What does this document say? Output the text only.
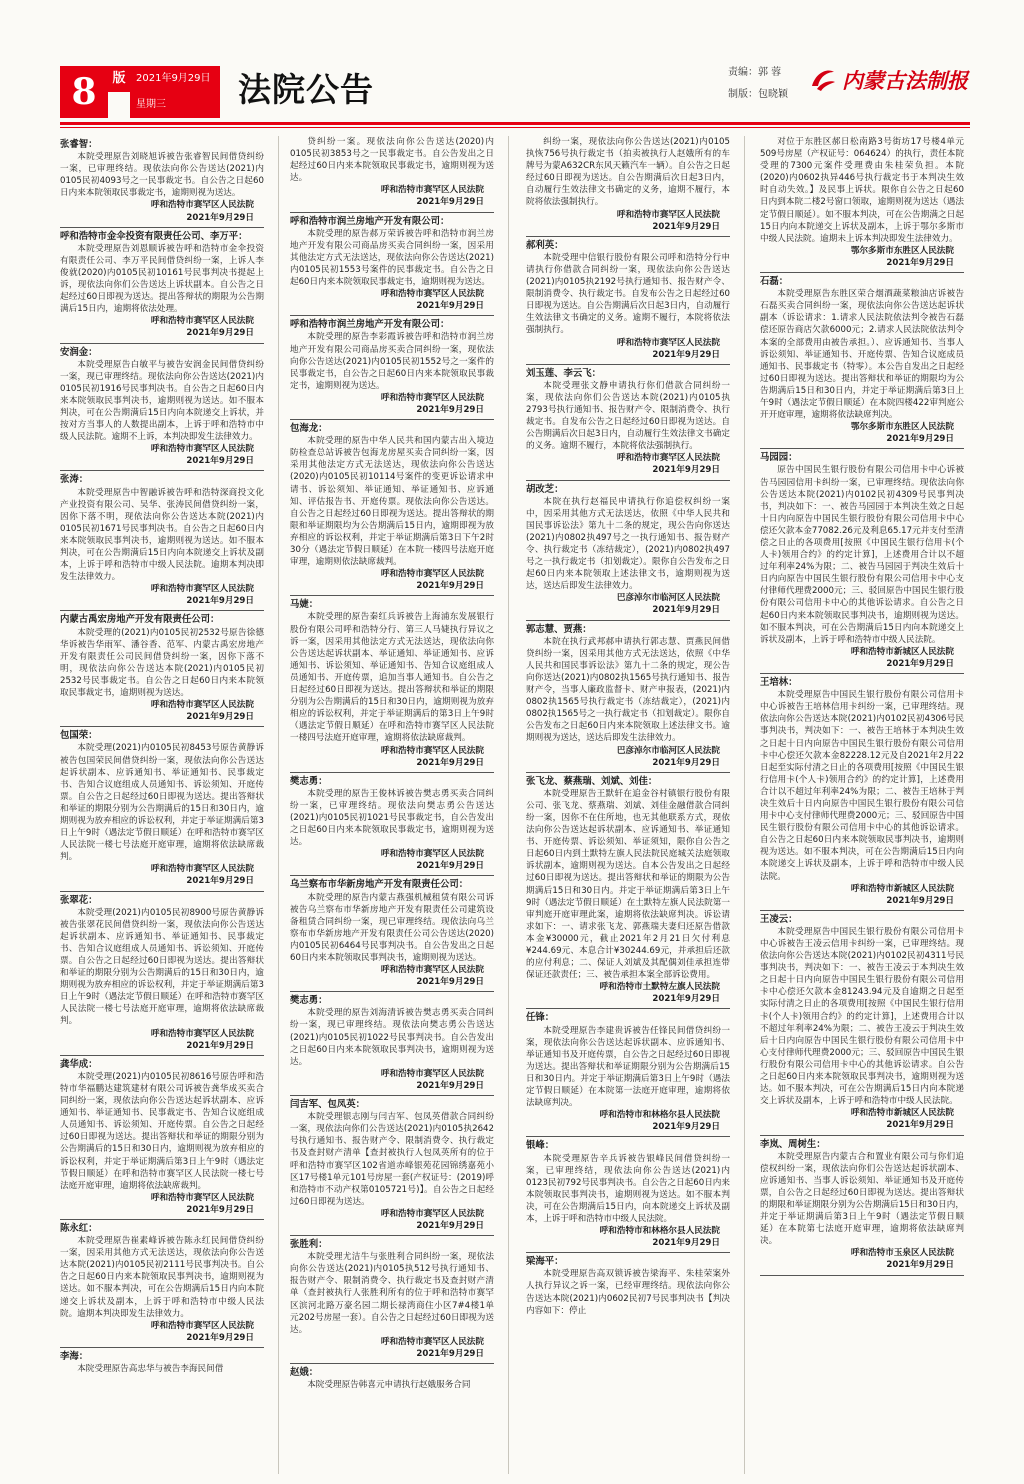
8	版	2021年9月29日
星期三	法院公告	责编：郭 蓉
制版：包晓颖
内蒙古法制报
张睿智：
本院受理原告刘晓旭诉被告张睿智民间借贷纠纷一案，已审理终结。现依法向你公告送达(2021)内0105民初4093号之一民事裁定书。自公告之日起60日内来本院领取民事裁定书，逾期则视为送达。
呼和浩特市赛罕区人民法院
2021年9月29日
呼和浩特市金伞投资有限责任公司、李万平：
本院受理原告刘恩顺诉被告呼和浩特市金伞投资有限责任公司、李万平民间借贷纠纷一案，上诉人李俊就(2020)内0105民初10161号民事判决书提起上诉，现依法向你们公告送达上诉状副本。自公告之日起经过60日即视为送达。提出答辩状的期限为公告期满后15日内，逾期将依法处理。
呼和浩特市赛罕区人民法院
2021年9月29日
安润金：
本院受理原告白敏平与被告安润金民间借贷纠纷一案，现已审理终结。现依法向你公告送达(2021)内0105民初1916号民事判决书。自公告之日起60日内来本院领取民事判决书，逾期则视为送达。如不服本判决，可在公告期满后15日内向本院递交上诉状，并按对方当事人的人数提出副本，上诉于呼和浩特市中级人民法院。逾期不上诉，本判决即发生法律效力。
呼和浩特市赛罕区人民法院
2021年9月29日
张涛：
本院受理原告中智融诉被告呼和浩特深商投文化产业投资有限公司、吴华、张涛民间借贷纠纷一案，因你下落不明，现依法向你公告送达本院(2021)内0105民初1671号民事判决书。自公告之日起60日内来本院领取民事判决书，逾期则视为送达。如不服本判决，可在公告期满后15日内向本院递交上诉状及副本，上诉于呼和浩特市中级人民法院。逾期本判决即发生法律效力。
呼和浩特市赛罕区人民法院
2021年9月29日
内蒙古禹宏房地产开发有限责任公司：
本院受理的(2021)内0105民初2532号原告徐德华诉被告华雨军、潘谷香、范军、内蒙古禹宏房地产开发有限责任公司民间借贷纠纷一案，因你下落不明，现依法向你公告送达本院(2021)内0105民初2532号民事裁定书。自公告之日起60日内来本院领取民事裁定书，逾期则视为送达。
呼和浩特市赛罕区人民法院
2021年9月29日
包国荣：
本院受理(2021)内0105民初8453号原告黄静诉被告包国荣民间借贷纠纷一案，现依法向你公告送达起诉状副本、应诉通知书、举证通知书、民事裁定书、告知合议庭组成人员通知书、诉讼须知、开庭传票。自公告之日起经过60日即视为送达。提出答辩状和举证的期限分别为公告期满后的15日和30日内，逾期则视为放弃相应的诉讼权利，并定于举证期满后第3日上午9时（遇法定节假日顺延）在呼和浩特市赛罕区人民法院一楼七号法庭开庭审理，逾期将依法缺席裁判。
呼和浩特市赛罕区人民法院
2021年9月29日
张翠花：
本院受理(2021)内0105民初8900号原告黄静诉被告张翠花民间借贷纠纷一案，现依法向你公告送达起诉状副本、应诉通知书、举证通知书、民事裁定书、告知合议庭组成人员通知书、诉讼须知、开庭传票。自公告之日起经过60日即视为送达。提出答辩状和举证的期限分别为公告期满后的15日和30日内，逾期则视为放弃相应的诉讼权利，并定于举证期满后第3日上午9时（遇法定节假日顺延）在呼和浩特市赛罕区人民法院一楼七号法庭开庭审理，逾期将依法缺席裁判。
呼和浩特市赛罕区人民法院
2021年9月29日
龚华成：
本院受理(2021)内0105民初8616号原告呼和浩特市华福鹏达建筑建材有限公司诉被告龚华成买卖合同纠纷一案，现依法向你公告送达起诉状副本、应诉通知书、举证通知书、民事裁定书、告知合议庭组成人员通知书、诉讼须知、开庭传票。自公告之日起经过60日即视为送达。提出答辩状和举证的期限分别为公告期满后的15日和30日内，逾期则视为放弃相应的诉讼权利，并定于举证期满后第3日上午9时（遇法定节假日顺延）在呼和浩特市赛罕区人民法院一楼七号法庭开庭审理，逾期将依法缺席裁判。
呼和浩特市赛罕区人民法院
2021年9月29日
陈永红：
本院受理原告崔素峰诉被告陈永红民间借贷纠纷一案，因采用其他方式无法送达，现依法向你公告送达本院(2021)内0105民初2111号民事判决书。自公告之日起60日内来本院领取民事判决书，逾期则视为送达。如不服本判决，可在公告期满后15日内向本院递交上诉状及副本，上诉于呼和浩特市中级人民法院。逾期本判决即发生法律效力。
呼和浩特市赛罕区人民法院
2021年9月29日
李海：
本院受理原告高忠华与被告李海民间借
贷纠纷一案。现依法向你公告送达(2020)内0105民初3853号之一民事裁定书。自公告发出之日起经过60日内来本院领取民事裁定书，逾期则视为送达。
呼和浩特市赛罕区人民法院
2021年9月29日
呼和浩特市润兰房地产开发有限公司：
本院受理的原告郝万荣诉被告呼和浩特市润兰房地产开发有限公司商品房买卖合同纠纷一案，因采用其他法定方式无法送达，现依法向你公告送达(2021)内0105民初1553号案件的民事裁定书。自公告之日起60日内来本院领取民事裁定书，逾期则视为送达。
呼和浩特市赛罕区人民法院
2021年9月29日
呼和浩特市润兰房地产开发有限公司：
本院受理的原告李彩霞诉被告呼和浩特市润兰房地产开发有限公司商品房买卖合同纠纷一案，现依法向你公告送达(2021)内0105民初1552号之一案件的民事裁定书，自公告之日起60日内来本院领取民事裁定书，逾期则视为送达。
呼和浩特市赛罕区人民法院
2021年9月29日
包海龙：
本院受理的原告中华人民共和国内蒙古出入境边防检查总站诉被告包海龙房屋买卖合同纠纷一案，因采用其他法定方式无法送达，现依法向你公告送达(2020)内0105民初10114号案件的变更诉讼请求申请书、诉讼须知、举证通知、举证通知书、应诉通知、评估报告书、开庭传票。现依法向你公告送达。自公告之日起经过60日即视为送达。提出答辩状的期限和举证期限均为公告期满后15日内，逾期即视为放弃相应的诉讼权利，并定于举证期满后第3日下午2时30分（遇法定节假日顺延）在本院一楼四号法庭开庭审理，逾期则依法缺席裁判。
呼和浩特市赛罕区人民法院
2021年9月29日
马婕：
本院受理的原告秦红兵诉被告上海浦东发展银行股份有限公司呼和浩特分行、第三人马婕执行异议之诉一案，因采用其他法定方式无法送达，现依法向你公告送达起诉状副本、举证通知、举证通知书、应诉通知书、诉讼须知、举证通知书、告知合议庭组成人员通知书、开庭传票，追加当事人通知书。自公告之日起经过60日即视为送达。提出答辩状和举证的期限分别为公告期满后的15日和30日内，逾期则视为放弃相应的诉讼权利，并定于举证期满后的第3日上午9时（遇法定节假日顺延）在呼和浩特市赛罕区人民法院一楼四号法庭开庭审理，逾期将依法缺席裁判。
呼和浩特市赛罕区人民法院
2021年9月29日
樊志勇：
本院受理的原告王俊林诉被告樊志勇买卖合同纠纷一案，已审理终结。现依法向樊志勇公告送达(2021)内0105民初1021号民事裁定书，自公告发出之日起60日内来本院领取民事裁定书，逾期则视为送达。
呼和浩特市赛罕区人民法院
2021年9月29日
乌兰察布市华新房地产开发有限责任公司：
本院受理的原告内蒙古燕强机械租赁有限公司诉被告乌兰察布市华新房地产开发有限责任公司建筑设备租赁合同纠纷一案，现已审理终结。现依法向乌兰察布市华新房地产开发有限责任公司公告送达(2020)内0105民初6464号民事判决书。自公告发出之日起60日内来本院领取民事判决书，逾期则视为送达。
呼和浩特市赛罕区人民法院
2021年9月29日
樊志勇：
本院受理的原告刘海清诉被告樊志勇买卖合同纠纷一案，现已审理终结。现依法向樊志勇公告送达(2021)内0105民初1022号民事判决书。自公告发出之日起60日内来本院领取民事判决书，逾期则视为送达。
呼和浩特市赛罕区人民法院
2021年9月29日
闫吉军、包凤英：
本院受理银志刚与闫吉军、包凤英借款合同纠纷一案，现依法向你们公告送达(2021)内0105执2642号执行通知书、报告财产令、限制消费令、执行裁定书及查封财产清单【查封被执行人包凤英所有的位于呼和浩特市赛罕区102省道赤峰银苑花园锦绣嘉苑小区17号楼1单元101号房屋一套(产权证号：(2019)呼和浩特市不动产权第0105721号)】。自公告之日起经过60日即视为送达。
呼和浩特市赛罕区人民法院
2021年9月29日
张胜利：
本院受理尤洁牛与张胜利合同纠纷一案，现依法向你公告送达(2021)内0105执512号执行通知书、报告财产令、限制消费令、执行裁定书及查封财产清单（查封被执行人张胜利所有的位于呼和浩特市赛罕区滨河北路万豪名园二期长禄湾商住小区7#4楼1单元202号房屋一套）。自公告之日起经过60日即视为送达。
呼和浩特市赛罕区人民法院
2021年9月29日
赵娥：
本院受理原告韩喜元申请执行赵娥服务合同
纠纷一案，现依法向你公告送达(2021)内0105执恢756号执行裁定书（拍卖被执行人赵娥所有的车牌号为蒙A632CR东风天籁汽车一辆）。自公告之日起经过60日即视为送达。自公告期满后次日起3日内，自动履行生效法律文书确定的义务，逾期不履行，本院将依法强制执行。
呼和浩特市赛罕区人民法院
2021年9月29日
郝利英：
本院受理中信银行股份有限公司呼和浩特分行申请执行你借款合同纠纷一案，现依法向你公告送达(2021)内0105执2192号执行通知书、报告财产令、限制消费令、执行裁定书。自发布公告之日起经过60日即视为送达。自公告期满后次日起3日内，自动履行生效法律文书确定的义务。逾期不履行，本院将依法强制执行。
呼和浩特市赛罕区人民法院
2021年9月29日
刘玉莲、李云飞：
本院受理张文静申请执行你们借款合同纠纷一案，现依法向你们公告送达本院(2021)内0105执2793号执行通知书、报告财产令、限制消费令、执行裁定书。自发布公告之日起经过60日即视为送达。自公告期满后次日起3日内，自动履行生效法律文书确定的义务。逾期不履行，本院将依法强制执行。
呼和浩特市赛罕区人民法院
2021年9月29日
胡改芝：
本院在执行赵福民申请执行你追偿权纠纷一案中，因采用其他方式无法送达，依照《中华人民共和国民事诉讼法》第九十二条的规定，现公告向你送达(2021)内0802执497号之一执行通知书、报告财产令、执行裁定书（冻结裁定），(2021)内0802执497号之一执行裁定书（扣划裁定）。限你自公告发布之日起60日内来本院领取上述法律文书，逾期则视为送达，送达后即发生法律效力。
巴彦淖尔市临河区人民法院
2021年9月29日
郭志慧、贾燕：
本院在执行武邦郝申请执行郭志慧、贾燕民间借贷纠纷一案，因采用其他方式无法送达，依照《中华人民共和国民事诉讼法》第九十二条的规定，现公告向你送达(2021)内0802执1565号执行通知书、报告财产令，当事人廉政监督卡、财产申报表，(2021)内0802执1565号执行裁定书（冻结裁定），(2021)内0802执1565号之一执行裁定书（扣划裁定）。限你自公告发布之日起60日内来本院领取上述法律文书。逾期则视为送达，送达后即发生法律效力。
巴彦淖尔市临河区人民法院
2021年9月29日
张飞龙、蔡燕瑞、刘斌、刘佳：
本院受理原告王默轩在追金谷村镇银行股份有限公司、张飞龙、蔡燕瑞、刘斌、刘佳金融借款合同纠纷一案，因你不在住所地，也无其他联系方式，现依法向你公告送达起诉状副本、应诉通知书、举证通知书、开庭传票、诉讼须知、举证须知，限你自公告之日起60日内到土默特左旗人民法院民庭城关法庭领取诉状副本，逾期则视为送达。自本公告发出之日起经过60日即视为送达。提出答辩状和举证的期限为公告期满后15日和30日内。并定于举证期满后第3日上午9时（遇法定节假日顺延）在土默特左旗人民法院第一审判庭开庭审理此案，逾期将依法缺席判决。诉讼请求如下：一、请求张飞龙、郭燕瑞夫妻归还原告借款本金¥30000元，截止2021年2月21日欠付利息¥244.69元、本息合计¥30244.69元，并承担后还款的应付利息；二、保证人刘斌及其配偶刘佳承担连带保证还款责任；三、被告承担本案全部诉讼费用。
呼和浩特市土默特左旗人民法院
2021年9月29日
任锋：
本院受理原告李建贵诉被告任锋民间借贷纠纷一案，现依法向你公告送达起诉状副本、应诉通知书、举证通知书及开庭传票，自公告之日起经过60日即视为送达。提出答辩状和举证期限分别为公告期满后15日和30日内。并定于举证期满后第3日上午9时（遇法定节假日顺延）在本院第一法庭开庭审理，逾期将依法缺席判决。
呼和浩特市和林格尔县人民法院
2021年9月29日
银峰：
本院受理原告辛兵诉被告银峰民间借贷纠纷一案，已审理终结，现依法向你公告送达(2021)内0123民初792号民事判决书。自公告之日起60日内来本院领取民事判决书，逾期则视为送达。如不服本判决，可在公告期满后15日内，向本院递交上诉状及副本，上诉于呼和浩特市中级人民法院。
呼和浩特市和林格尔县人民法院
2021年9月29日
梁海平：
本院受理原告高双锁诉被告梁海平、朱桂荣案外人执行异议之诉一案，已经审理终结。现依法向你公告送达本院(2021)内0602民初7号民事判决书【判决内容如下：停止
对位于东胜区郝日松南路3号街坊17号楼4单元509号房屋（产权证号：064624）的执行，责任本院受理的7300元案件受理费由朱桂荣负担。本院(2020)内0602执异446号执行裁定书于本判决生效时自动失效。】及民事上诉状。限你自公告之日起60日内到本院二楼2号窗口领取，逾期则视为送达（遇法定节假日顺延）。如不服本判决，可在公告期满之日起15日内向本院递交上诉状及副本，上诉于鄂尔多斯市中级人民法院。逾期未上诉本判决即发生法律效力。
鄂尔多斯市东胜区人民法院
2021年9月29日
石磊：
本院受理原告东胜区荣合烟酒蔬菜粮油店诉被告石磊买卖合同纠纷一案，现依法向你公告送达起诉状副本（诉讼请求：1.请求人民法院依法判令被告石磊偿还原告商店欠款6000元；2.请求人民法院依法判令本案的全部费用由被告承担。）、应诉通知书、当事人诉讼须知、举证通知书、开庭传票、告知合议庭成员通知书、民事裁定书（特零）。本公告自发出之日起经过60日即视为送达。提出答辩状和举证的期限均为公告期满后15日和30日内，并定于举证期满后第3日上午9时（遇法定节假日顺延）在本院四楼422审判庭公开开庭审理，逾期将依法缺席判决。
鄂尔多斯市东胜区人民法院
2021年9月29日
马园园：
原告中国民生银行股份有限公司信用卡中心诉被告马园园信用卡纠纷一案，已审理终结。现依法向你公告送达本院(2021)内0102民初4309号民事判决书，判决如下：一、被告马园园于本判决生效之日起十日内向原告中国民生银行股份有限公司信用卡中心偿还欠款本金77082.26元及利息65.17元并支付至清偿之日止的各项费用[按照《中国民生银行信用卡(个人卡)领用合约》的约定计算]，上述费用合计以不超过年利率24%为限；二、被告马园园于判决生效后十日内向原告中国民生银行股份有限公司信用卡中心支付律师代理费2000元；三、驳回原告中国民生银行股份有限公司信用卡中心的其他诉讼请求。自公告之日起60日内来本院领取民事判决书，逾期则视为送达。如不服本判决，可在公告期满后15日内向本院递交上诉状及副本，上诉于呼和浩特市中级人民法院。
呼和浩特市新城区人民法院
2021年9月29日
王培林：
本院受理原告中国民生银行股份有限公司信用卡中心诉被告王培林信用卡纠纷一案，已审理终结。现依法向你公告送达本院(2021)内0102民初4306号民事判决书，判决如下：一、被告王培林于本判决生效之日起十日内向原告中国民生银行股份有限公司信用卡中心偿还欠款本金82228.12元及自2021年2月22日起至实际付清之日止的各项费用[按照《中国民生银行信用卡(个人卡)领用合约》的约定计算]，上述费用合计以不超过年利率24%为限；二、被告王培林于判决生效后十日内向原告中国民生银行股份有限公司信用卡中心支付律师代理费2000元；三、驳回原告中国民生银行股份有限公司信用卡中心的其他诉讼请求。自公告之日起60日内来本院领取民事判决书，逾期则视为送达。如不服本判决，可在公告期满后15日内向本院递交上诉状及副本，上诉于呼和浩特市中级人民法院。
呼和浩特市新城区人民法院
2021年9月29日
王凌云：
本院受理原告中国民生银行股份有限公司信用卡中心诉被告王凌云信用卡纠纷一案，已审理终结。现依法向你公告送达本院(2021)内0102民初4311号民事判决书，判决如下：一、被告王凌云于本判决生效之日起十日内向原告中国民生银行股份有限公司信用卡中心偿还欠款本金81243.94元及自逾期之日起至实际付清之日止的各项费用[按照《中国民生银行信用卡(个人卡)领用合约》的约定计算]，上述费用合计以不超过年利率24%为限；二、被告王凌云于判决生效后十日内向原告中国民生银行股份有限公司信用卡中心支付律师代理费2000元；三、驳回原告中国民生银行股份有限公司信用卡中心的其他诉讼请求。自公告之日起60日内来本院领取民事判决书，逾期则视为送达。如不服本判决，可在公告期满后15日内向本院递交上诉状及副本，上诉于呼和浩特市中级人民法院。
呼和浩特市新城区人民法院
2021年9月29日
李岚、周树生：
本院受理原告内蒙古合和置业有限公司与你们追偿权纠纷一案，现依法向你们公告送达起诉状副本、应诉通知书、当事人诉讼须知、举证通知书及开庭传票，自公告之日起经过60日即视为送达。提出答辩状的期限和举证期限分别为公告期满后15日和30日内，并定于举证期满后第3日上午9时（遇法定节假日顺延）在本院第七法庭开庭审理，逾期将依法缺席判决。
呼和浩特市玉泉区人民法院
2021年9月29日
